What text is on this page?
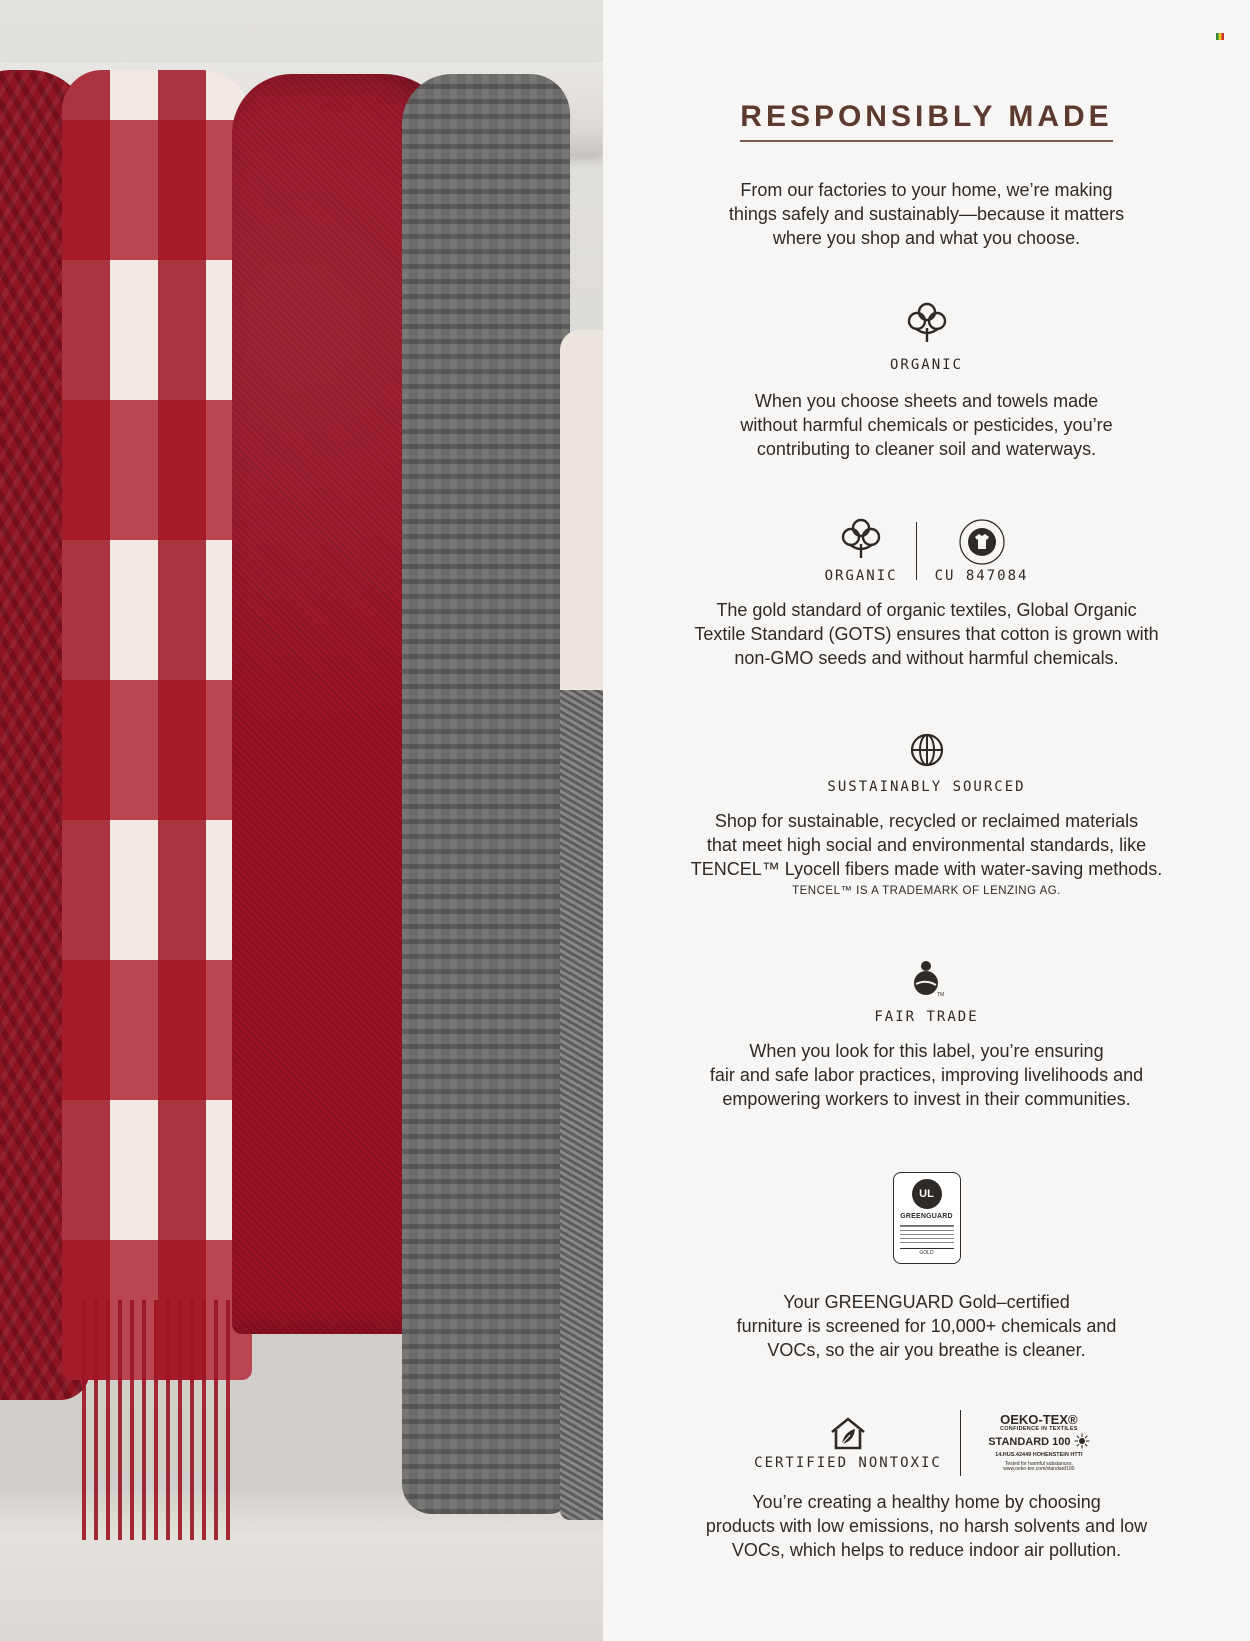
RESPONSIBLY MADE

From our factories to your home, we’re making

things safely and sustainably—because it matters

where you shop and what you choose.

ORGANIC

When you choose sheets and towels made

without harmful chemicals or pesticides, you’re

contributing to cleaner soil and waterways.

ORGANIC	CU 847084

The gold standard of organic textiles, Global Organic

Textile Standard (GOTS) ensures that cotton is grown with

non-GMO seeds and without harmful chemicals.

SUSTAINABLY SOURCED

Shop for sustainable, recycled or reclaimed materials

that meet high social and environmental standards, like

TENCEL™ Lyocell fibers made with water-saving methods.

TENCEL™ IS A TRADEMARK OF LENZING AG.
TM
FAIR TRADE

When you look for this label, you’re ensuring

fair and safe labor practices, improving livelihoods and

empowering workers to invest in their communities.

UL
GREENGUARD
GOLD

Your GREENGUARD Gold–certified

furniture is screened for 10,000+ chemicals and

VOCs, so the air you breathe is cleaner.

CERTIFIED NONTOXIC
OEKO-TEX®
CONFIDENCE IN TEXTILES
STANDARD 100
14.HUS.42449 HOHENSTEIN HTTI
Tested for harmful substances.
www.oeko-tex.com/standard100

You’re creating a healthy home by choosing

products with low emissions, no harsh solvents and low

VOCs, which helps to reduce indoor air pollution.
